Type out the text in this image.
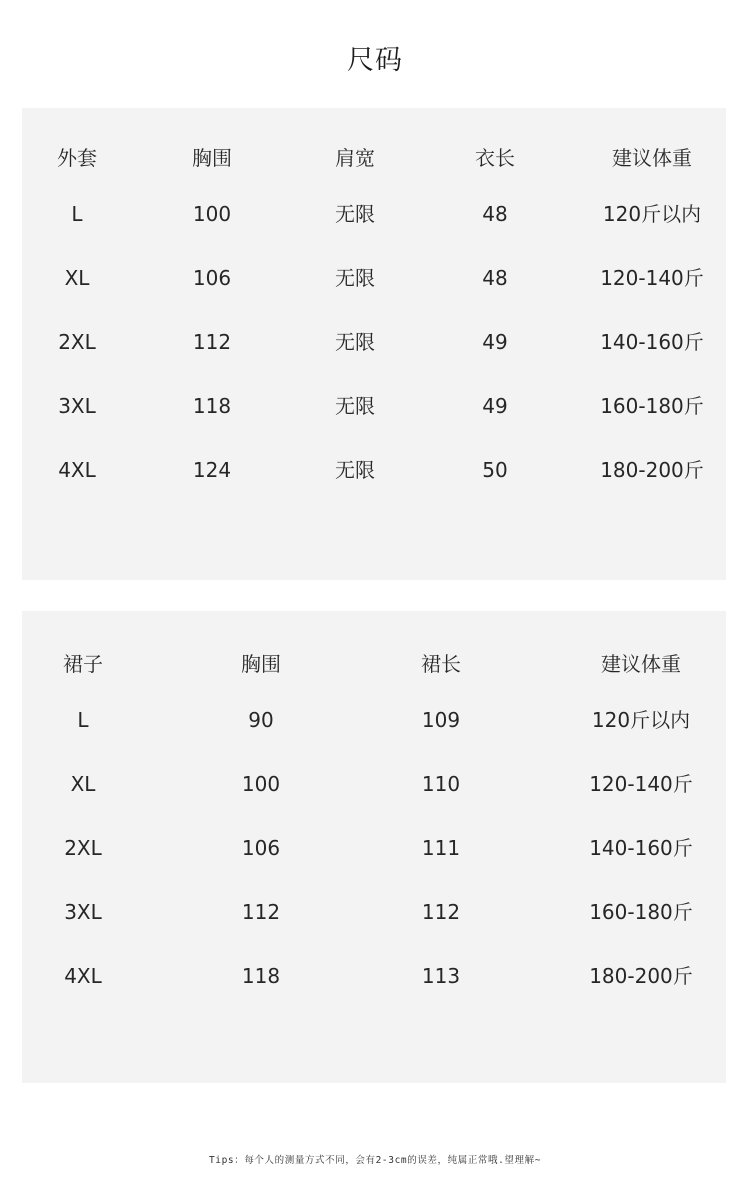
尺码
外套	胸围	肩宽	衣长	建议体重
L	100	无限	48	120斤以内
XL	106	无限	48	120-140斤
2XL	112	无限	49	140-160斤
3XL	118	无限	49	160-180斤
4XL	124	无限	50	180-200斤
裙子	胸围	裙长	建议体重
L	90	109	120斤以内
XL	100	110	120-140斤
2XL	106	111	140-160斤
3XL	112	112	160-180斤
4XL	118	113	180-200斤
Tips：每个人的测量方式不同，会有2-3cm的误差，纯属正常哦.望理解~
